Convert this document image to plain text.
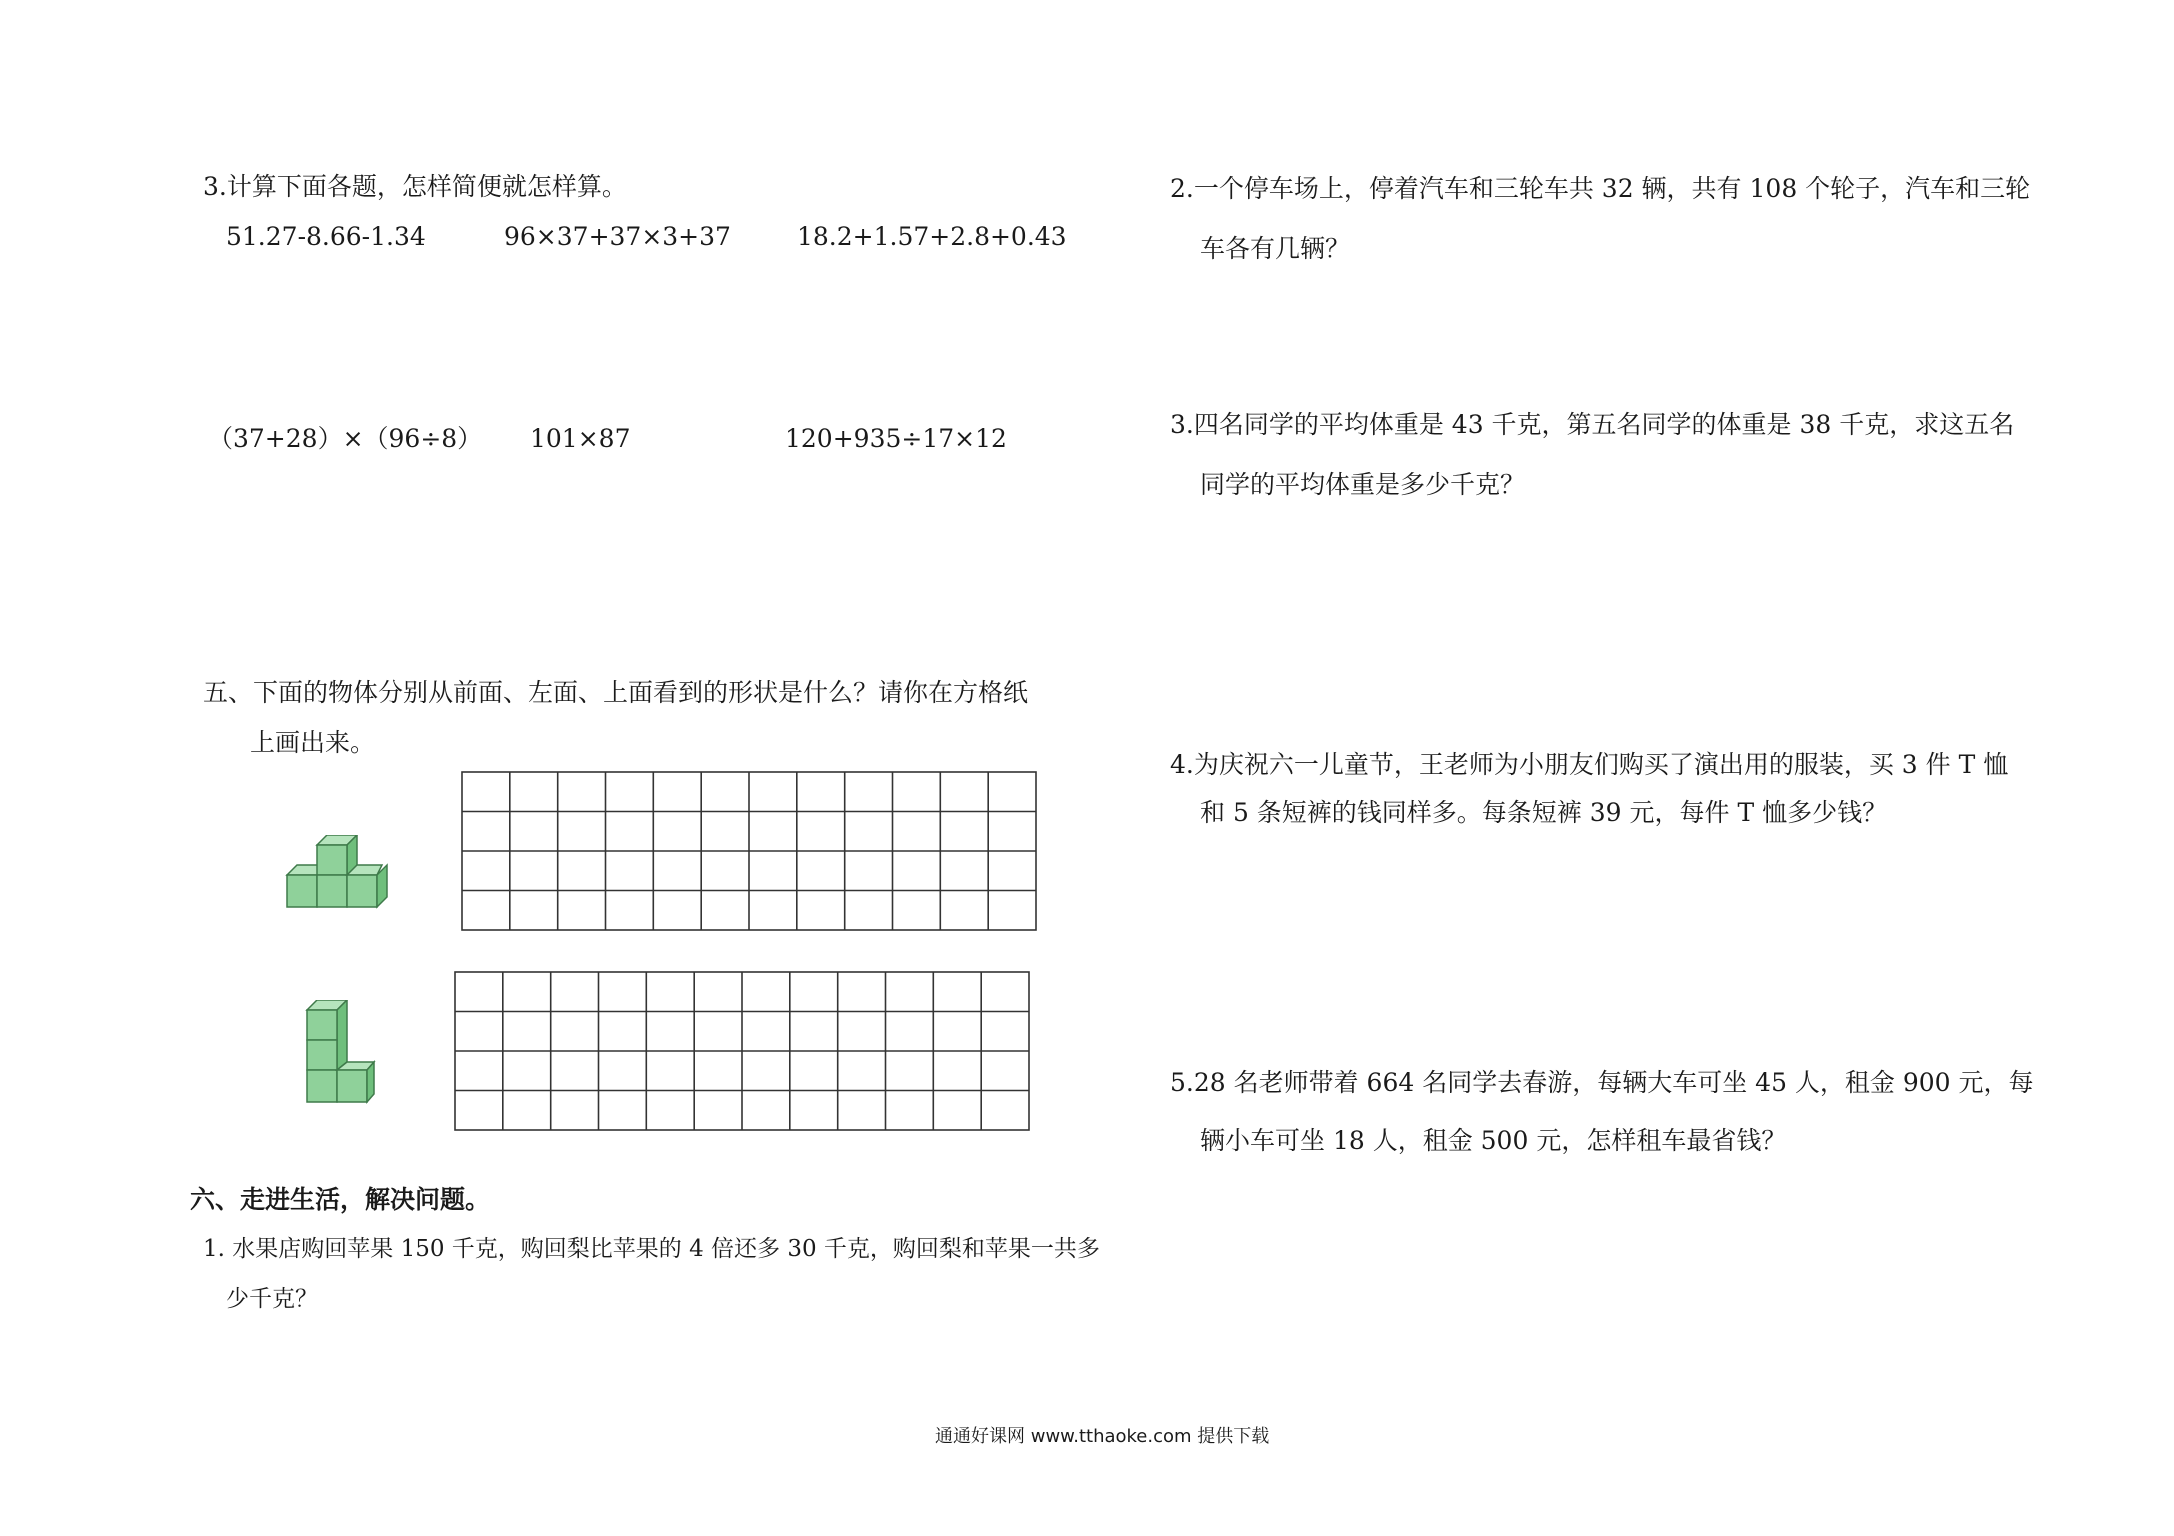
3.计算下面各题，怎样简便就怎样算。
51.27-8.66-1.34	96×37+37×3+37	18.2+1.57+2.8+0.43
（37+28）×（96÷8） 101×87	120+935÷17×12
五、下面的物体分别从前面、左面、上面看到的形状是什么？请你在方格纸
上画出来。
六、走进生活，解决问题。
1. 水果店购回苹果 150 千克，购回梨比苹果的 4 倍还多 30 千克，购回梨和苹果一共多
少千克？
2.一个停车场上，停着汽车和三轮车共 32 辆，共有 108 个轮子，汽车和三轮
车各有几辆？
3.四名同学的平均体重是 43 千克，第五名同学的体重是 38 千克，求这五名
同学的平均体重是多少千克？
4.为庆祝六一儿童节，王老师为小朋友们购买了演出用的服装，买 3 件 T 恤
和 5 条短裤的钱同样多。每条短裤 39 元，每件 T 恤多少钱？
5.28 名老师带着 664 名同学去春游，每辆大车可坐 45 人，租金 900 元，每
辆小车可坐 18 人，租金 500 元，怎样租车最省钱？
通通好课网 www.tthaoke.com 提供下载
